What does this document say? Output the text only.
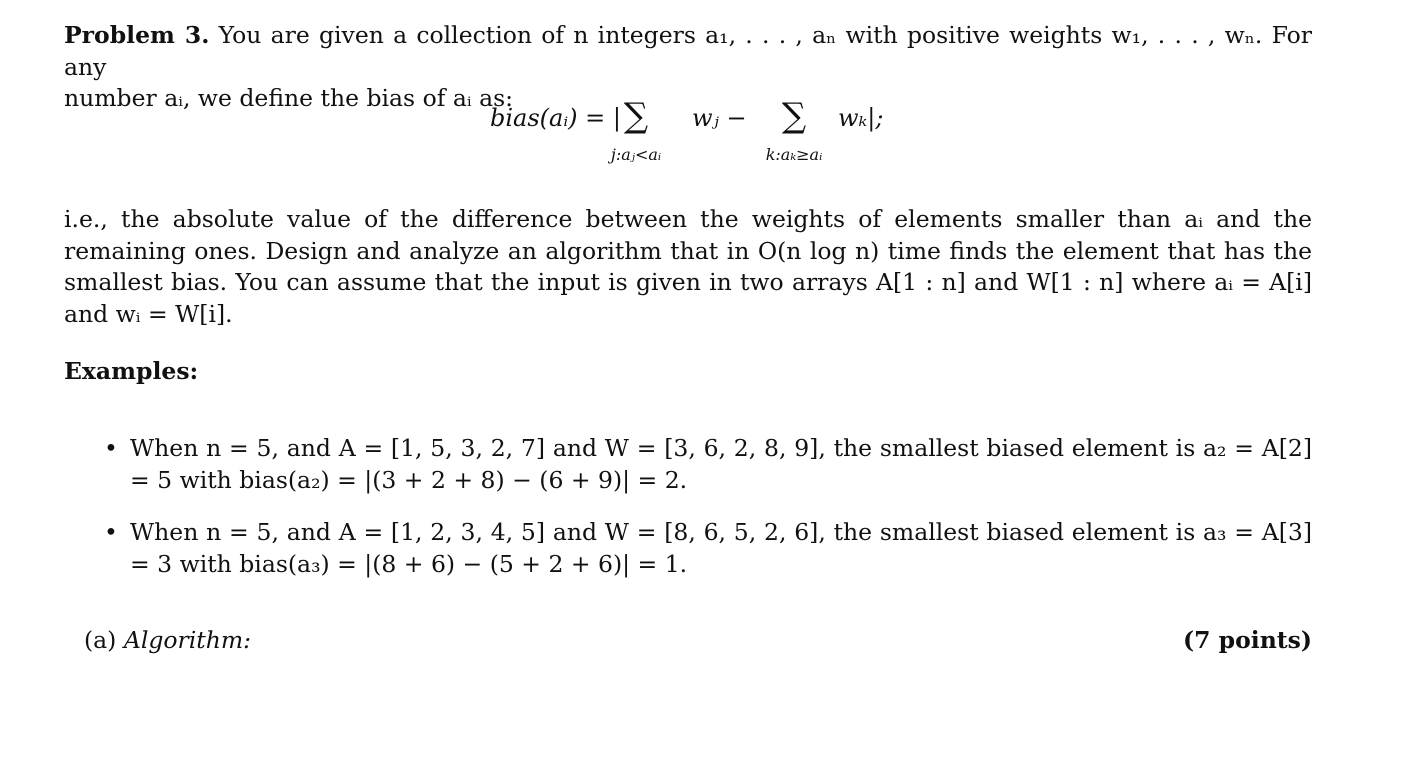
Problem 3. You are given a collection of n integers a₁, . . . , aₙ with positive weights w₁, . . . , wₙ. For any
number aᵢ, we define the bias of aᵢ as:
bias(aᵢ) = | ∑
j:aⱼ<aᵢ
wⱼ −	∑
k:aₖ≥aᵢ
wₖ|;
i.e., the absolute value of the difference between the weights of elements smaller than aᵢ and the remaining ones. Design and analyze an algorithm that in O(n log n) time finds the element that has the smallest bias. You can assume that the input is given in two arrays A[1 : n] and W[1 : n] where aᵢ = A[i] and wᵢ = W[i].
Examples:
• When n = 5, and A = [1, 5, 3, 2, 7] and W = [3, 6, 2, 8, 9], the smallest biased element is a₂ = A[2] = 5 with bias(a₂) = |(3 + 2 + 8) − (6 + 9)| = 2.
• When n = 5, and A = [1, 2, 3, 4, 5] and W = [8, 6, 5, 2, 6], the smallest biased element is a₃ = A[3] = 3 with bias(a₃) = |(8 + 6) − (5 + 2 + 6)| = 1.
(a) Algorithm:	(7 points)
